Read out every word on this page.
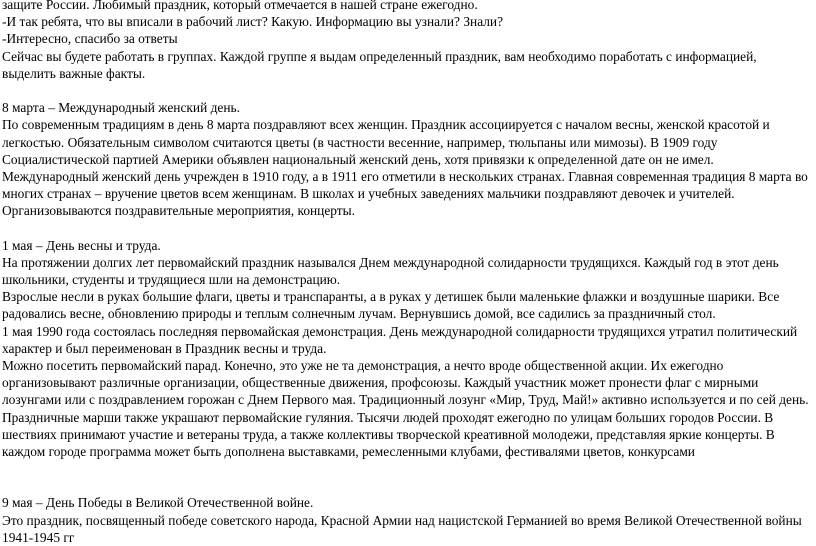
защите России. Любимый праздник, который отмечается в нашей стране ежегодно.
-И так ребята, что вы вписали в рабочий лист? Какую. Информацию вы узнали? Знали?
-Интересно, спасибо за ответы
Сейчас вы будете работать в группах. Каждой группе я выдам определенный праздник, вам необходимо поработать с информацией,
выделить важные факты.
8 марта – Международный женский день.
По современным традициям в день 8 марта поздравляют всех женщин. Праздник ассоциируется с началом весны, женской красотой и
легкостью. Обязательным символом считаются цветы (в частности весенние, например, тюльпаны или мимозы). В 1909 году
Социалистической партией Америки объявлен национальный женский день, хотя привязки к определенной дате он не имел.
Международный женский день учрежден в 1910 году, а в 1911 его отметили в нескольких странах. Главная современная традиция 8 марта во
многих странах – вручение цветов всем женщинам. В школах и учебных заведениях мальчики поздравляют девочек и учителей.
Организовываются поздравительные мероприятия, концерты.
1 мая – День весны и труда.
На протяжении долгих лет первомайский праздник назывался Днем международной солидарности трудящихся. Каждый год в этот день
школьники, студенты и трудящиеся шли на демонстрацию.
Взрослые несли в руках большие флаги, цветы и транспаранты, а в руках у детишек были маленькие флажки и воздушные шарики. Все
радовались весне, обновлению природы и теплым солнечным лучам. Вернувшись домой, все садились за праздничный стол.
1 мая 1990 года состоялась последняя первомайская демонстрация. День международной солидарности трудящихся утратил политический
характер и был переименован в Праздник весны и труда.
Можно посетить первомайский парад. Конечно, это уже не та демонстрация, а нечто вроде общественной акции. Их ежегодно
организовывают различные организации, общественные движения, профсоюзы. Каждый участник может пронести флаг с мирными
лозунгами или с поздравлением горожан с Днем Первого мая. Традиционный лозунг «Мир, Труд, Май!» активно используется и по сей день.
Праздничные марши также украшают первомайские гуляния. Тысячи людей проходят ежегодно по улицам больших городов России. В
шествиях принимают участие и ветераны труда, а также коллективы творческой креативной молодежи, представляя яркие концерты. В
каждом городе программа может быть дополнена выставками, ремесленными клубами, фестивалями цветов, конкурсами
9 мая – День Победы в Великой Отечественной войне.
Это праздник, посвященный победе советского народа, Красной Армии над нацистской Германией во время Великой Отечественной войны
1941-1945 гг
